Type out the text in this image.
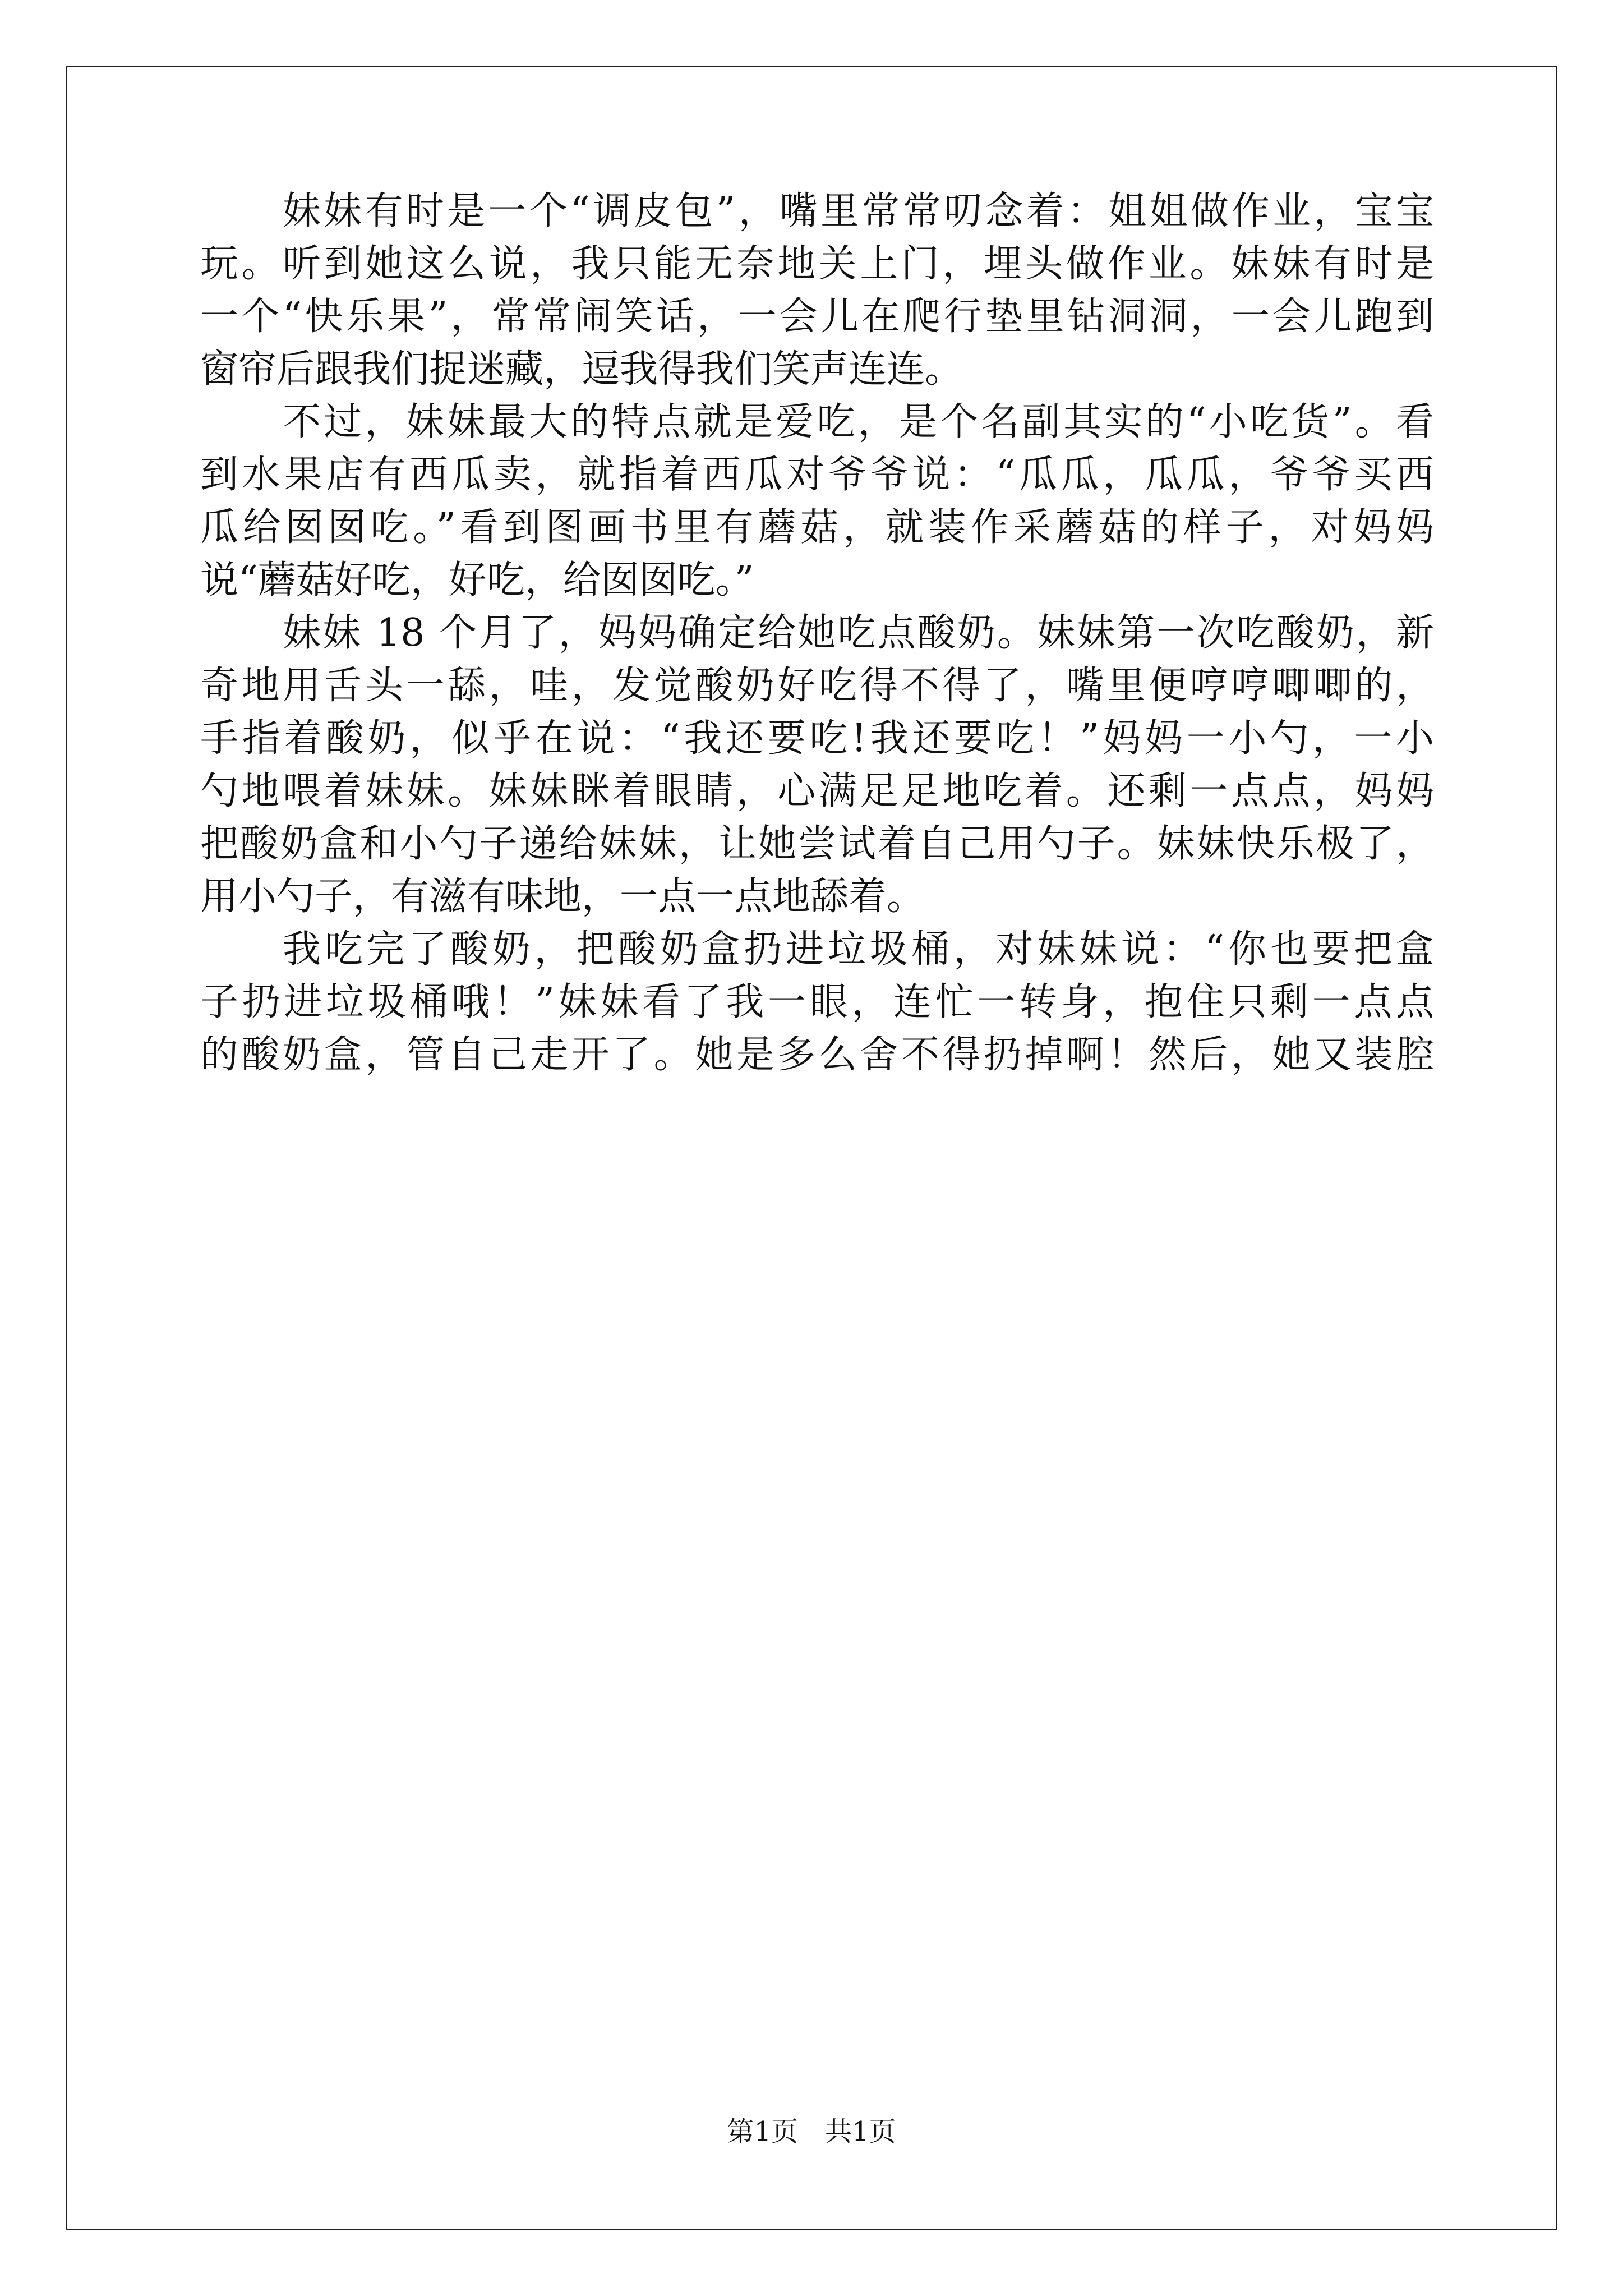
妹妹有时是一个“调皮包”，嘴里常常叨念着：姐姐做作业，宝宝
玩。听到她这么说，我只能无奈地关上门，埋头做作业。妹妹有时是
一个“快乐果”，常常闹笑话，一会儿在爬行垫里钻洞洞，一会儿跑到
窗帘后跟我们捉迷藏，逗我得我们笑声连连。
不过，妹妹最大的特点就是爱吃，是个名副其实的“小吃货”。看
到水果店有西瓜卖，就指着西瓜对爷爷说：“瓜瓜，瓜瓜，爷爷买西
瓜给囡囡吃。”看到图画书里有蘑菇，就装作采蘑菇的样子，对妈妈
说“蘑菇好吃，好吃，给囡囡吃。”
妹妹 18 个月了，妈妈确定给她吃点酸奶。妹妹第一次吃酸奶，新
奇地用舌头一舔，哇，发觉酸奶好吃得不得了，嘴里便哼哼唧唧的，
手指着酸奶，似乎在说：“我还要吃!我还要吃！”妈妈一小勺，一小
勺地喂着妹妹。妹妹眯着眼睛，心满足足地吃着。还剩一点点，妈妈
把酸奶盒和小勺子递给妹妹，让她尝试着自己用勺子。妹妹快乐极了，
用小勺子，有滋有味地，一点一点地舔着。
我吃完了酸奶，把酸奶盒扔进垃圾桶，对妹妹说：“你也要把盒
子扔进垃圾桶哦！”妹妹看了我一眼，连忙一转身，抱住只剩一点点
的酸奶盒，管自己走开了。她是多么舍不得扔掉啊！然后，她又装腔
第1页 共1页
